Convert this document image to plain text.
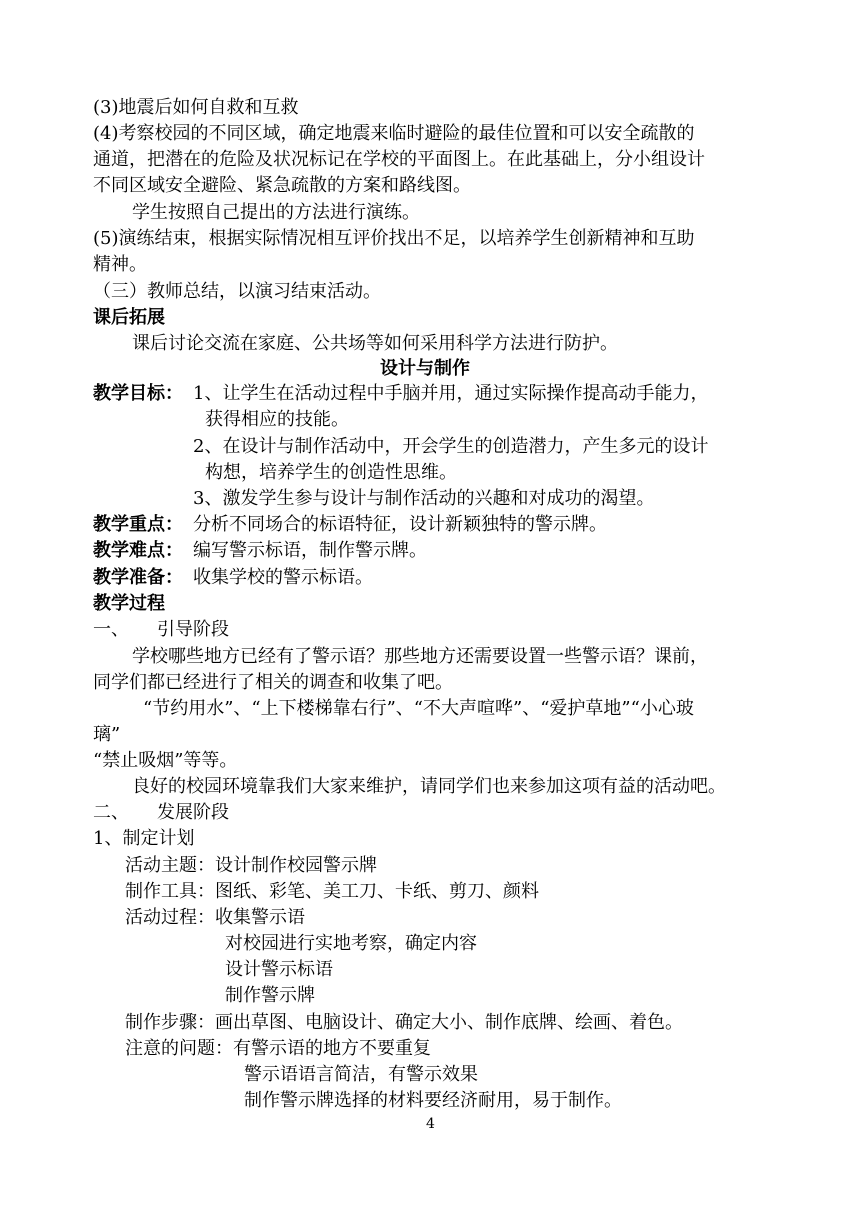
(3)地震后如何自救和互救
(4)考察校园的不同区域，确定地震来临时避险的最佳位置和可以安全疏散的
通道，把潜在的危险及状况标记在学校的平面图上。在此基础上，分小组设计
不同区域安全避险、紧急疏散的方案和路线图。
学生按照自己提出的方法进行演练。
(5)演练结束，根据实际情况相互评价找出不足，以培养学生创新精神和互助
精神。
（三）教师总结，以演习结束活动。
课后拓展
课后讨论交流在家庭、公共场等如何采用科学方法进行防护。
设计与制作
教学目标： 1、让学生在活动过程中手脑并用，通过实际操作提高动手能力，
获得相应的技能。
2、在设计与制作活动中，开会学生的创造潜力，产生多元的设计
构想，培养学生的创造性思维。
3、激发学生参与设计与制作活动的兴趣和对成功的渴望。
教学重点： 分析不同场合的标语特征，设计新颖独特的警示牌。
教学难点： 编写警示标语，制作警示牌。
教学准备： 收集学校的警示标语。
教学过程
一、 引导阶段
学校哪些地方已经有了警示语？那些地方还需要设置一些警示语？课前，
同学们都已经进行了相关的调查和收集了吧。
“节约用水”、“上下楼梯靠右行”、“不大声喧哗”、“爱护草地”“小心玻
璃”
“禁止吸烟”等等。
良好的校园环境靠我们大家来维护，请同学们也来参加这项有益的活动吧。
二、 发展阶段
1、制定计划
活动主题：设计制作校园警示牌
制作工具：图纸、彩笔、美工刀、卡纸、剪刀、颜料
活动过程：收集警示语
对校园进行实地考察，确定内容
设计警示标语
制作警示牌
制作步骤：画出草图、电脑设计、确定大小、制作底牌、绘画、着色。
注意的问题：有警示语的地方不要重复
警示语语言简洁，有警示效果
制作警示牌选择的材料要经济耐用，易于制作。
4
